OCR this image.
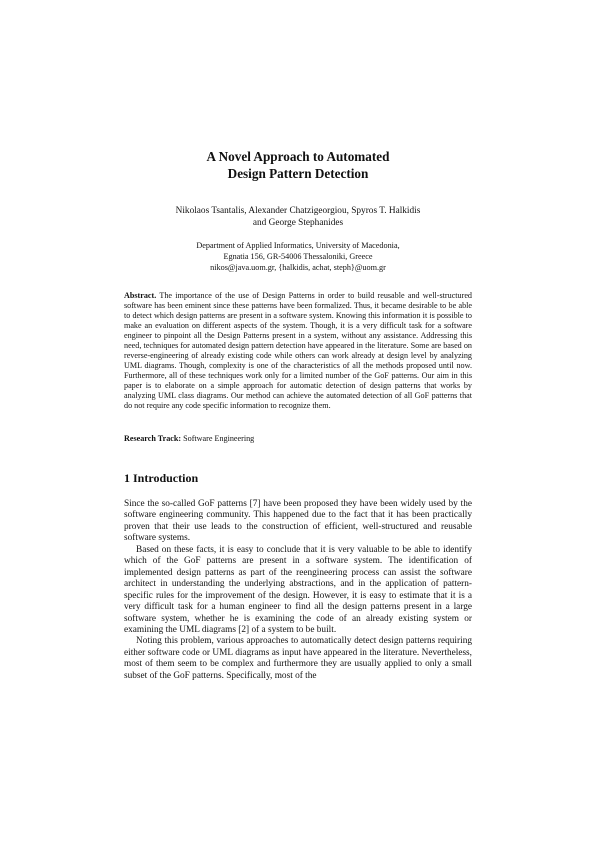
A Novel Approach to Automated
Design Pattern Detection
Nikolaos Tsantalis, Alexander Chatzigeorgiou, Spyros T. Halkidis
and George Stephanides
Department of Applied Informatics, University of Macedonia,
Egnatia 156, GR-54006 Thessaloniki, Greece
nikos@java.uom.gr, {halkidis, achat, steph}@uom.gr
Abstract. The importance of the use of Design Patterns in order to build reusable and well-structured software has been eminent since these patterns have been formalized. Thus, it became desirable to be able to detect which design patterns are present in a software system. Knowing this information it is possible to make an evaluation on different aspects of the system. Though, it is a very difficult task for a software engineer to pinpoint all the Design Patterns present in a system, without any assistance. Addressing this need, techniques for automated design pattern detection have appeared in the literature. Some are based on reverse-engineering of already existing code while others can work already at design level by analyzing UML diagrams. Though, complexity is one of the characteristics of all the methods proposed until now. Furthermore, all of these techniques work only for a limited number of the GoF patterns. Our aim in this paper is to elaborate on a simple approach for automatic detection of design patterns that works by analyzing UML class diagrams. Our method can achieve the automated detection of all GoF patterns that do not require any code specific information to recognize them.
Research Track: Software Engineering
1 Introduction

Since the so-called GoF patterns [7] have been proposed they have been widely used by the software engineering community. This happened due to the fact that it has been practically proven that their use leads to the construction of efficient, well-structured and reusable software systems.

Based on these facts, it is easy to conclude that it is very valuable to be able to identify which of the GoF patterns are present in a software system. The identification of implemented design patterns as part of the reengineering process can assist the software architect in understanding the underlying abstractions, and in the application of pattern-specific rules for the improvement of the design. However, it is easy to estimate that it is a very difficult task for a human engineer to find all the design patterns present in a large software system, whether he is examining the code of an already existing system or examining the UML diagrams [2] of a system to be built.

Noting this problem, various approaches to automatically detect design patterns requiring either software code or UML diagrams as input have appeared in the literature. Nevertheless, most of them seem to be complex and furthermore they are usually applied to only a small subset of the GoF patterns. Specifically, most of the
